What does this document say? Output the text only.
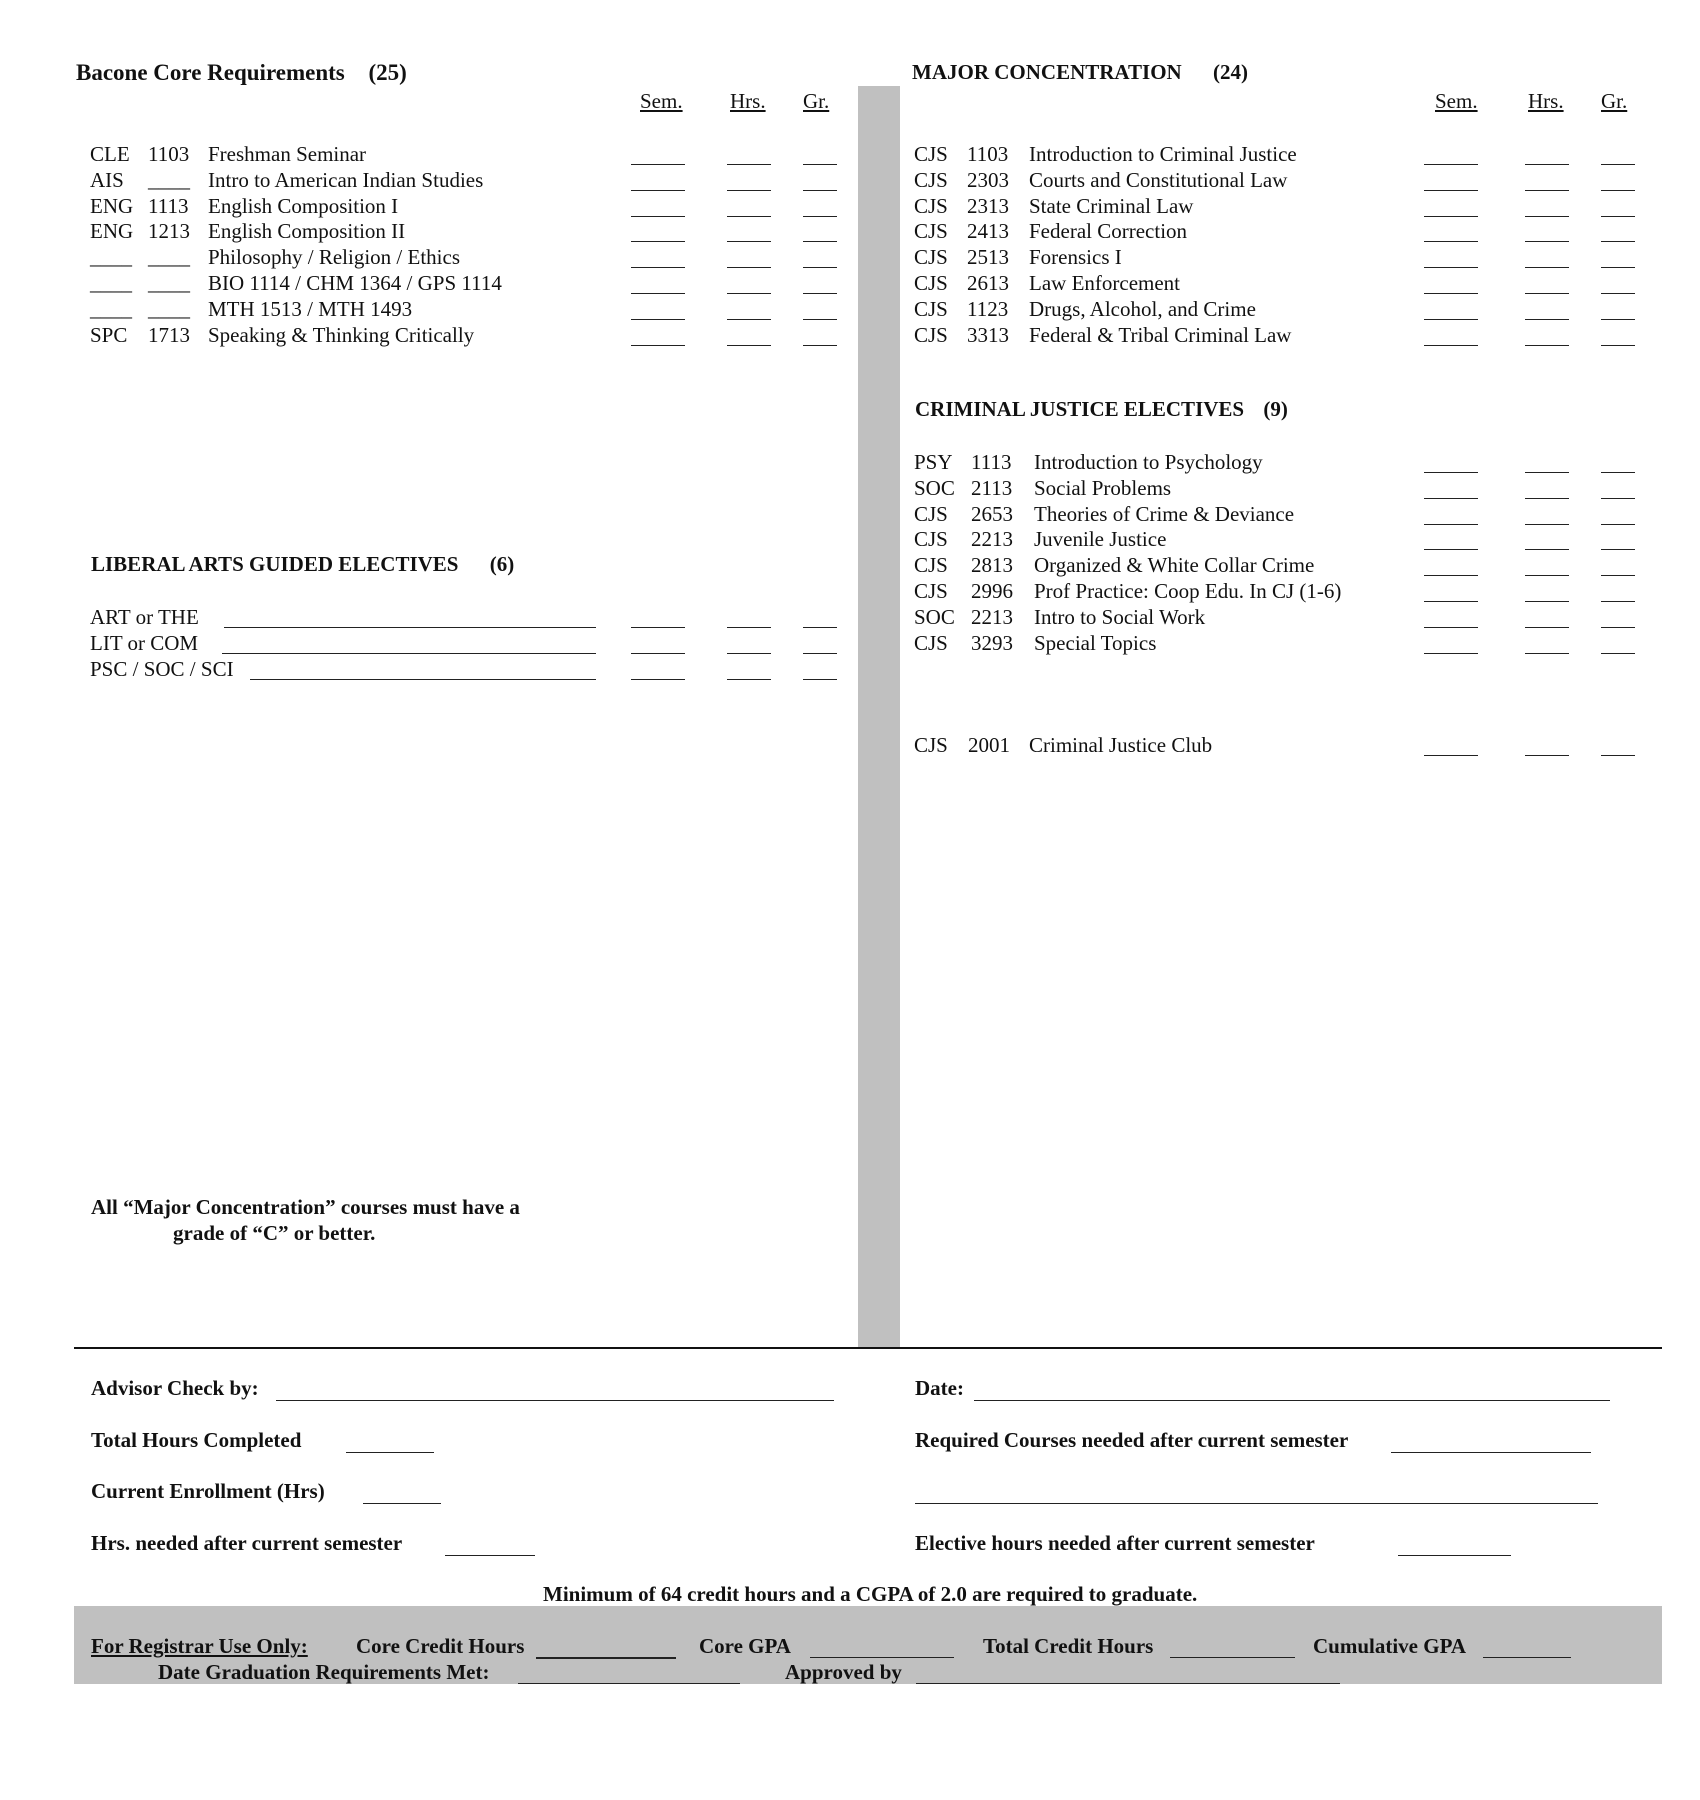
Bacone Core Requirements (25)
Sem. Hrs. Gr.	Sem. Hrs. Gr.
CLE 1103 Freshman Seminar
AIS ____ Intro to American Indian Studies
ENG 1113 English Composition I
ENG 1213 English Composition II
____ ____ Philosophy / Religion / Ethics
____ ____ BIO 1114 / CHM 1364 / GPS 1114
____ ____ MTH 1513 / MTH 1493
SPC 1713 Speaking & Thinking Critically
LIBERAL ARTS GUIDED ELECTIVES (6)
ART or THE
LIT or COM
PSC / SOC / SCI
All “Major Concentration” courses must have a
grade of “C” or better.
MAJOR CONCENTRATION (24)
CJS 1103 Introduction to Criminal Justice
CJS 2303 Courts and Constitutional Law
CJS 2313 State Criminal Law
CJS 2413 Federal Correction
CJS 2513 Forensics I
CJS 2613 Law Enforcement
CJS 1123 Drugs, Alcohol, and Crime
CJS 3313 Federal & Tribal Criminal Law
CRIMINAL JUSTICE ELECTIVES (9)
PSY 1113 Introduction to Psychology
SOC 2113 Social Problems
CJS 2653 Theories of Crime & Deviance
CJS 2213 Juvenile Justice
CJS 2813 Organized & White Collar Crime
CJS 2996 Prof Practice: Coop Edu. In CJ (1-6)
SOC 2213 Intro to Social Work
CJS 3293 Special Topics
CJS 2001 Criminal Justice Club
Advisor Check by:	Date:
Total Hours Completed	Required Courses needed after current semester
Current Enrollment (Hrs)
Hrs. needed after current semester	Elective hours needed after current semester
Minimum of 64 credit hours and a CGPA of 2.0 are required to graduate.
For Registrar Use Only: Core Credit Hours	Core GPA	Total Credit Hours	Cumulative GPA
Date Graduation Requirements Met:	Approved by
